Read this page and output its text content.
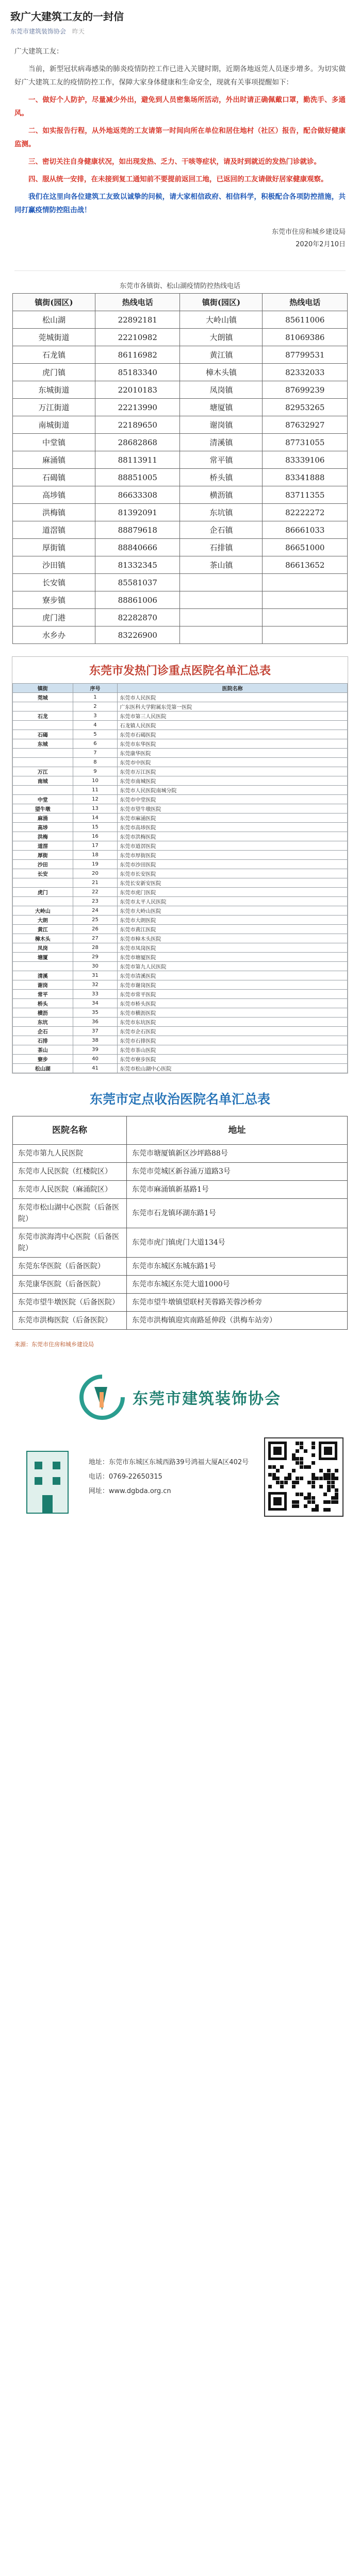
致广大建筑工友的一封信
东莞市建筑装饰协会 昨天

广大建筑工友：

当前，新型冠状病毒感染的肺炎疫情防控工作已进入关键时期，近期各地返莞人员逐步增多。为切实做好广大建筑工友的疫情防控工作，保障大家身体健康和生命安全，现就有关事项提醒如下：

一、做好个人防护，尽量减少外出，避免到人员密集场所活动，外出时请正确佩戴口罩，勤洗手、多通风。

二、如实报告行程，从外地返莞的工友请第一时间向所在单位和居住地村（社区）报告，配合做好健康监测。

三、密切关注自身健康状况，如出现发热、乏力、干咳等症状，请及时到就近的发热门诊就诊。

四、服从统一安排，在未接到复工通知前不要提前返回工地，已返回的工友请做好居家健康观察。

我们在这里向各位建筑工友致以诚挚的问候，请大家相信政府、相信科学，积极配合各项防控措施，共同打赢疫情防控阻击战！

东莞市住房和城乡建设局
2020年2月10日
东莞市各镇街、松山湖疫情防控热线电话
镇街(园区)	热线电话	镇街(园区)	热线电话
松山湖	22892181	大岭山镇	85611006
莞城街道	22210982	大朗镇	81069386
石龙镇	86116982	黄江镇	87799531
虎门镇	85183340	樟木头镇	82332033
东城街道	22010183	凤岗镇	87699239
万江街道	22213990	塘厦镇	82953265
南城街道	22189650	谢岗镇	87632927
中堂镇	28682868	清溪镇	87731055
麻涌镇	88113911	常平镇	83339106
石碣镇	88851005	桥头镇	83341888
高埗镇	86633308	横沥镇	83711355
洪梅镇	81392091	东坑镇	82222272
道滘镇	88879618	企石镇	86661033
厚街镇	88840666	石排镇	86651000
沙田镇	81332345	茶山镇	86613652
长安镇	85581037		
寮步镇	88861006		
虎门港	82282870		
水乡办	83226900		
东莞市发热门诊重点医院名单汇总表
镇街	序号	医院名称
莞城	1	东莞市人民医院
	2	广东医科大学附属东莞第一医院
石龙	3	东莞市第三人民医院
	4	石龙镇人民医院
石碣	5	东莞市石碣医院
东城	6	东莞市东华医院
	7	东莞康华医院
	8	东莞市中医院
万江	9	东莞市万江医院
南城	10	东莞市南城医院
	11	东莞市人民医院南城分院
中堂	12	东莞市中堂医院
望牛墩	13	东莞市望牛墩医院
麻涌	14	东莞市麻涌医院
高埗	15	东莞市高埗医院
洪梅	16	东莞市洪梅医院
道滘	17	东莞市道滘医院
厚街	18	东莞市厚街医院
沙田	19	东莞市沙田医院
长安	20	东莞市长安医院
	21	东莞长安新安医院
虎门	22	东莞市虎门医院
	23	东莞市太平人民医院
大岭山	24	东莞市大岭山医院
大朗	25	东莞市大朗医院
黄江	26	东莞市黄江医院
樟木头	27	东莞市樟木头医院
凤岗	28	东莞市凤岗医院
塘厦	29	东莞市塘厦医院
	30	东莞市第九人民医院
清溪	31	东莞市清溪医院
谢岗	32	东莞市谢岗医院
常平	33	东莞市常平医院
桥头	34	东莞市桥头医院
横沥	35	东莞市横沥医院
东坑	36	东莞市东坑医院
企石	37	东莞市企石医院
石排	38	东莞市石排医院
茶山	39	东莞市茶山医院
寮步	40	东莞市寮步医院
松山湖	41	东莞市松山湖中心医院
东莞市定点收治医院名单汇总表
医院名称	地址
东莞市第九人民医院	东莞市塘厦镇新区沙坪路88号
东莞市人民医院（红楼院区）	东莞市莞城区新谷涌万道路3号
东莞市人民医院（麻涌院区）	东莞市麻涌镇新基路1号
东莞市松山湖中心医院（后备医院）	东莞市石龙镇环湖东路1号
东莞市滨海湾中心医院（后备医院）	东莞市虎门镇虎门大道134号
东莞东华医院（后备医院）	东莞市东城区东城东路1号
东莞康华医院（后备医院）	东莞市东城区东莞大道1000号
东莞市望牛墩医院（后备医院）	东莞市望牛墩镇望联村芙蓉路芙蓉沙桥旁
东莞市洪梅医院（后备医院）	东莞市洪梅镇迎宾南路延伸段（洪梅车站旁）
来源：东莞市住房和城乡建设局
东莞市建筑装饰协会
地址：东莞市东城区东城西路39号鸿福大厦A区402号
电话：0769-22650315
网址：www.dgbda.org.cn
